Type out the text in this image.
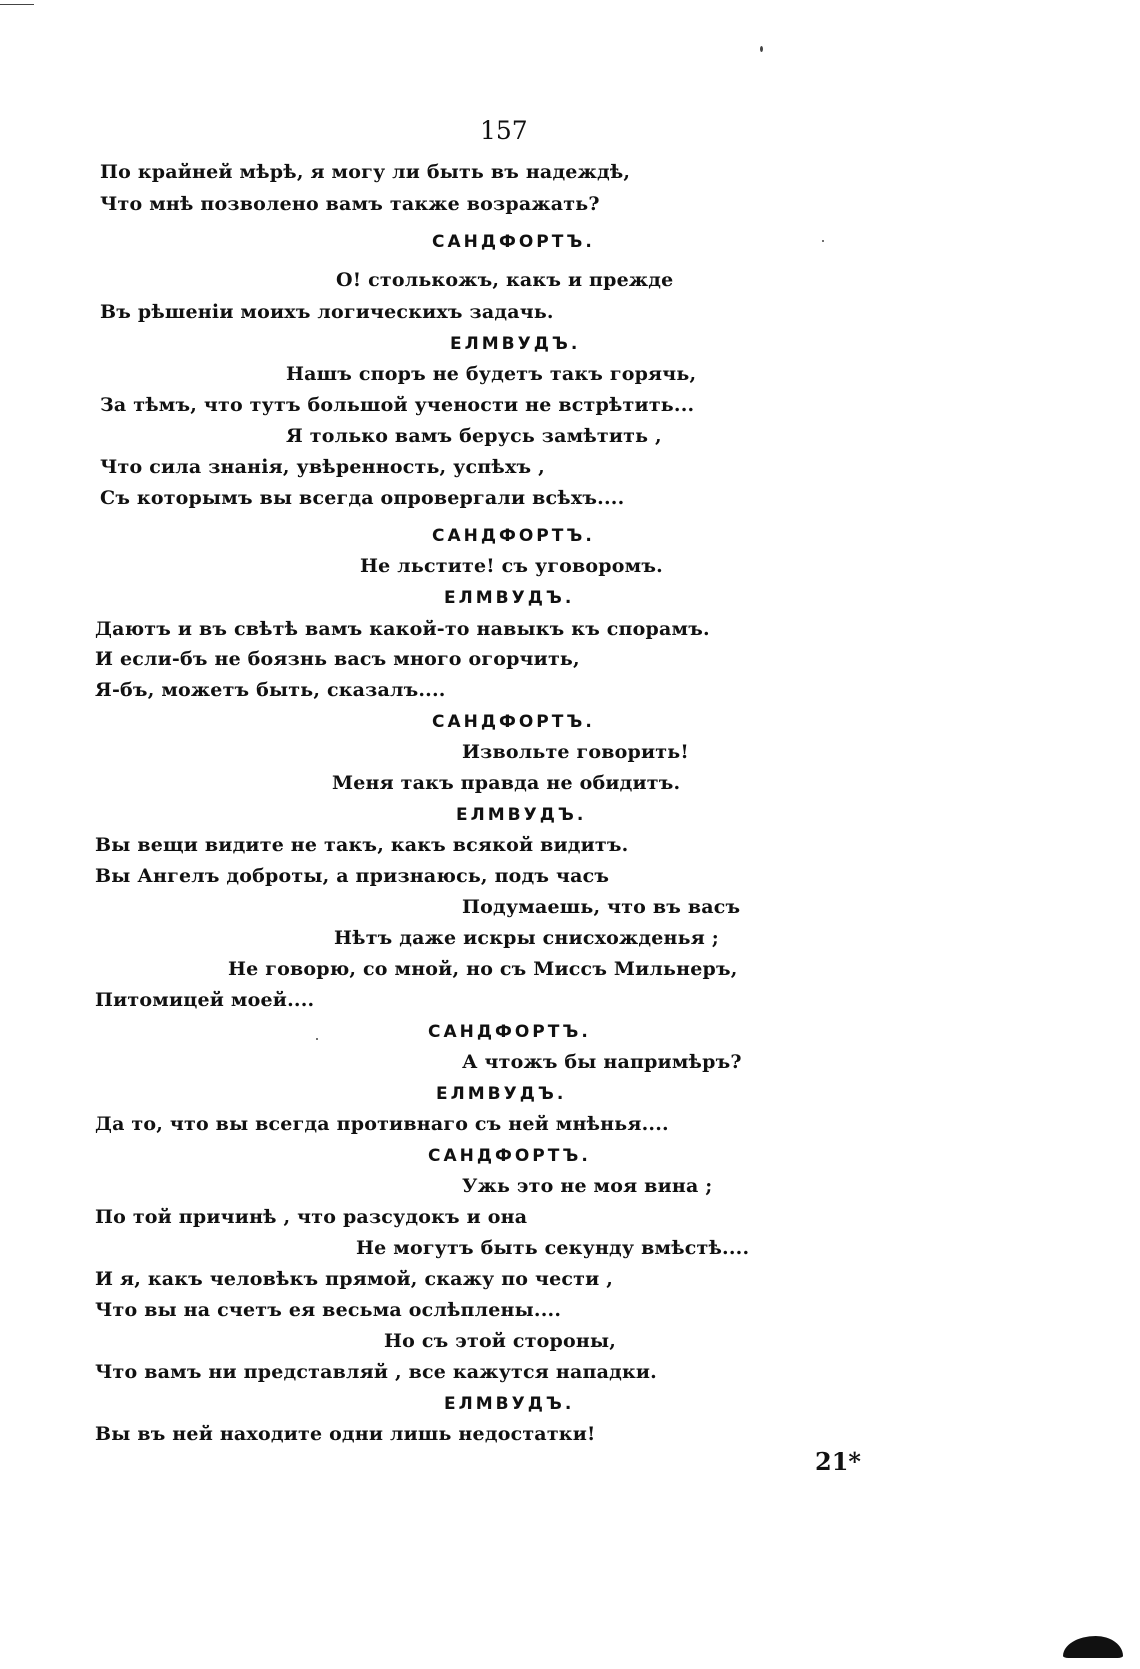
157
По крайней мѣрѣ, я могу ли быть въ надеждѣ,
Что мнѣ позволено вамъ также возражать?
САНДФОРТЪ.
О! столькожъ, какъ и прежде
Въ рѣшеніи моихъ логическихъ задачь.
ЕЛМВУДЪ.
Нашъ споръ не будетъ такъ горячь,
За тѣмъ, что тутъ большой учености не встрѣтить...
Я только вамъ берусь замѣтить ,
Что сила знанія, увѣренность, успѣхъ ,
Съ которымъ вы всегда опровергали всѣхъ....
САНДФОРТЪ.
Не льстите! съ уговоромъ.
ЕЛМВУДЪ.
Даютъ и въ свѣтѣ вамъ какой-то навыкъ къ спорамъ.
И если-бъ не боязнь васъ много огорчить,
Я-бъ, можетъ быть, сказалъ....
САНДФОРТЪ.
Извольте говорить!
Меня такъ правда не обидитъ.
ЕЛМВУДЪ.
Вы вещи видите не такъ, какъ всякой видитъ.
Вы Ангелъ доброты, а признаюсь, подъ часъ
Подумаешь, что въ васъ
Нѣтъ даже искры снисхожденья ;
Не говорю, со мной, но съ Миссъ Мильнеръ,
Питомицей моей....
САНДФОРТЪ.
А чтожъ бы напримѣръ?
ЕЛМВУДЪ.
Да то, что вы всегда противнаго съ ней мнѣнья....
САНДФОРТЪ.
Ужь это не моя вина ;
По той причинѣ , что разсудокъ и она
Не могутъ быть секунду вмѣстѣ....
И я, какъ человѣкъ прямой, скажу по чести ,
Что вы на счетъ ея весьма ослѣплены....
Но съ этой стороны,
Что вамъ ни представляй , все кажутся нападки.
ЕЛМВУДЪ.
Вы въ ней находите одни лишь недостатки!
21*
